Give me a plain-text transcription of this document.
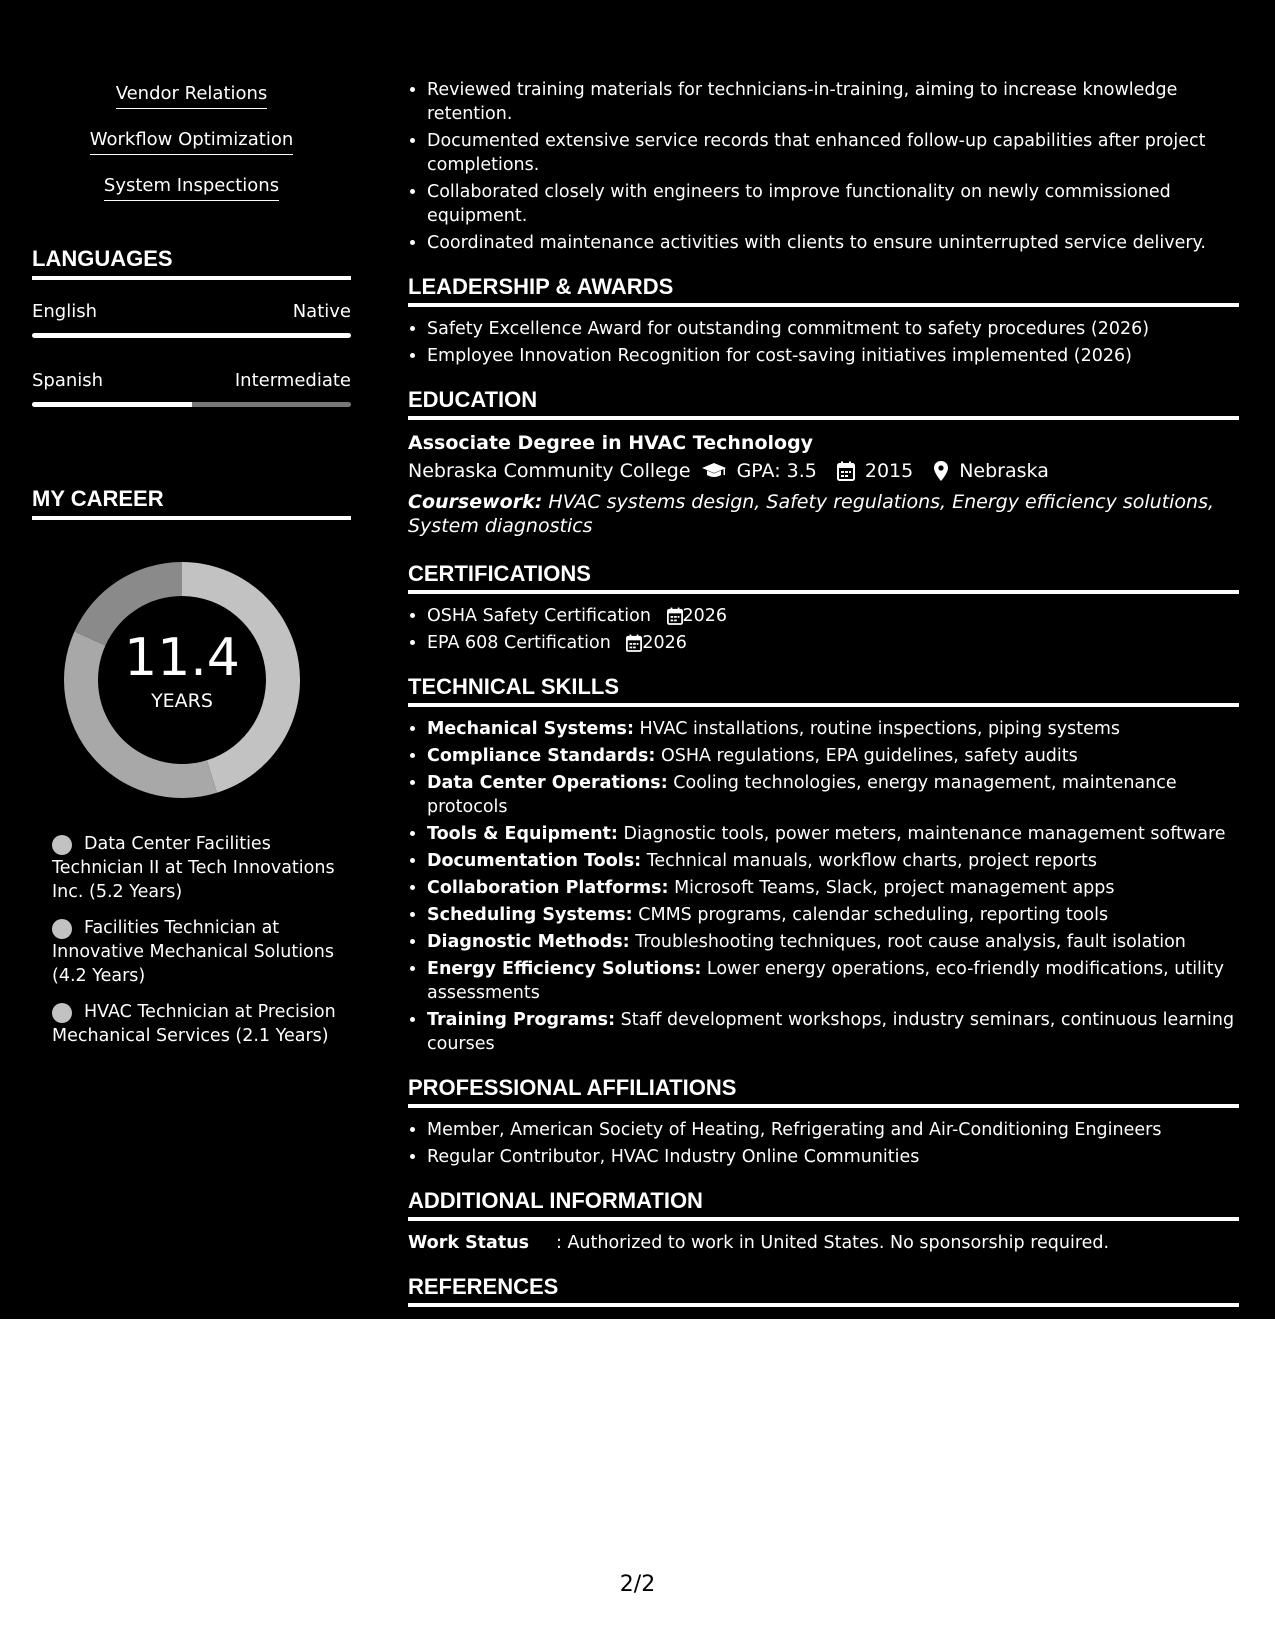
Vendor Relations
Workflow Optimization
System Inspections
LANGUAGES
English	Native
Spanish	Intermediate
MY CAREER
11.4
YEARS
Data Center Facilities Technician II at Tech Innovations Inc. (5.2 Years)
Facilities Technician at Innovative Mechanical Solutions (4.2 Years)
HVAC Technician at Precision Mechanical Services (2.1 Years)
• Reviewed training materials for technicians-in-training, aiming to increase knowledge retention.
• Documented extensive service records that enhanced follow-up capabilities after project completions.
• Collaborated closely with engineers to improve functionality on newly commissioned equipment.
• Coordinated maintenance activities with clients to ensure uninterrupted service delivery.
LEADERSHIP & AWARDS
• Safety Excellence Award for outstanding commitment to safety procedures (2026)
• Employee Innovation Recognition for cost-saving initiatives implemented (2026)
EDUCATION
Associate Degree in HVAC Technology
Nebraska Community College GPA: 3.5	2015 Nebraska
Coursework: HVAC systems design, Safety regulations, Energy efficiency solutions, System diagnostics
CERTIFICATIONS
• OSHA Safety Certification 2026
• EPA 608 Certification 2026
TECHNICAL SKILLS
• Mechanical Systems: HVAC installations, routine inspections, piping systems
• Compliance Standards: OSHA regulations, EPA guidelines, safety audits
• Data Center Operations: Cooling technologies, energy management, maintenance protocols
• Tools & Equipment: Diagnostic tools, power meters, maintenance management software
• Documentation Tools: Technical manuals, workflow charts, project reports
• Collaboration Platforms: Microsoft Teams, Slack, project management apps
• Scheduling Systems: CMMS programs, calendar scheduling, reporting tools
• Diagnostic Methods: Troubleshooting techniques, root cause analysis, fault isolation
• Energy Efficiency Solutions: Lower energy operations, eco-friendly modifications, utility assessments
• Training Programs: Staff development workshops, industry seminars, continuous learning courses
PROFESSIONAL AFFILIATIONS
• Member, American Society of Heating, Refrigerating and Air-Conditioning Engineers
• Regular Contributor, HVAC Industry Online Communities
ADDITIONAL INFORMATION
Work Status	: Authorized to work in United States. No sponsorship required.
REFERENCES
AVAILABLE ON REQUEST
2/2
